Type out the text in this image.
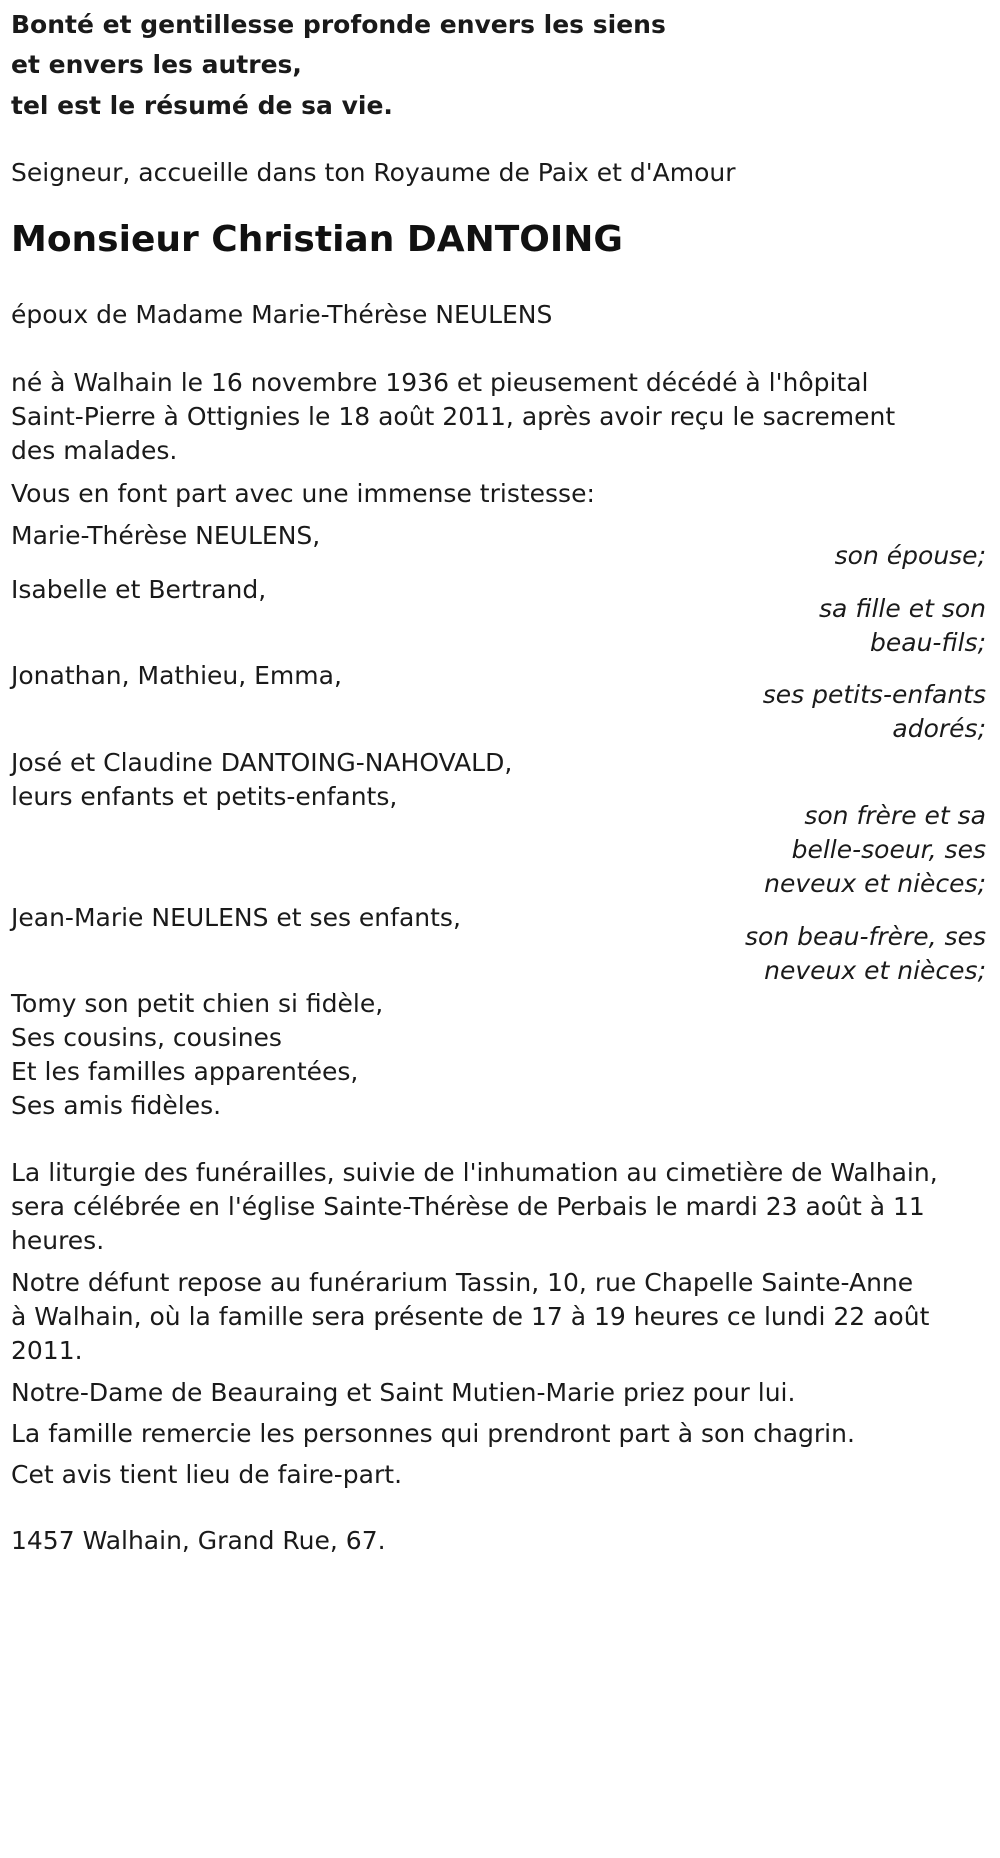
Bonté et gentillesse profonde envers les siens
et envers les autres,
tel est le résumé de sa vie.
Seigneur, accueille dans ton Royaume de Paix et d'Amour
Monsieur Christian DANTOING
époux de Madame Marie-Thérèse NEULENS
né à Walhain le 16 novembre 1936 et pieusement décédé à l'hôpital
Saint-Pierre à Ottignies le 18 août 2011, après avoir reçu le sacrement
des malades.
Vous en font part avec une immense tristesse:
Marie-Thérèse NEULENS,
son épouse;
Isabelle et Bertrand,
sa fille et son
beau-fils;
Jonathan, Mathieu, Emma,
ses petits-enfants
adorés;
José et Claudine DANTOING-NAHOVALD,
leurs enfants et petits-enfants,
son frère et sa
belle-soeur, ses
neveux et nièces;
Jean-Marie NEULENS et ses enfants,
son beau-frère, ses
neveux et nièces;
Tomy son petit chien si fidèle,
Ses cousins, cousines
Et les familles apparentées,
Ses amis fidèles.
La liturgie des funérailles, suivie de l'inhumation au cimetière de Walhain,
sera célébrée en l'église Sainte-Thérèse de Perbais le mardi 23 août à 11
heures.
Notre défunt repose au funérarium Tassin, 10, rue Chapelle Sainte-Anne
à Walhain, où la famille sera présente de 17 à 19 heures ce lundi 22 août
2011.
Notre-Dame de Beauraing et Saint Mutien-Marie priez pour lui.
La famille remercie les personnes qui prendront part à son chagrin.
Cet avis tient lieu de faire-part.
1457 Walhain, Grand Rue, 67.
